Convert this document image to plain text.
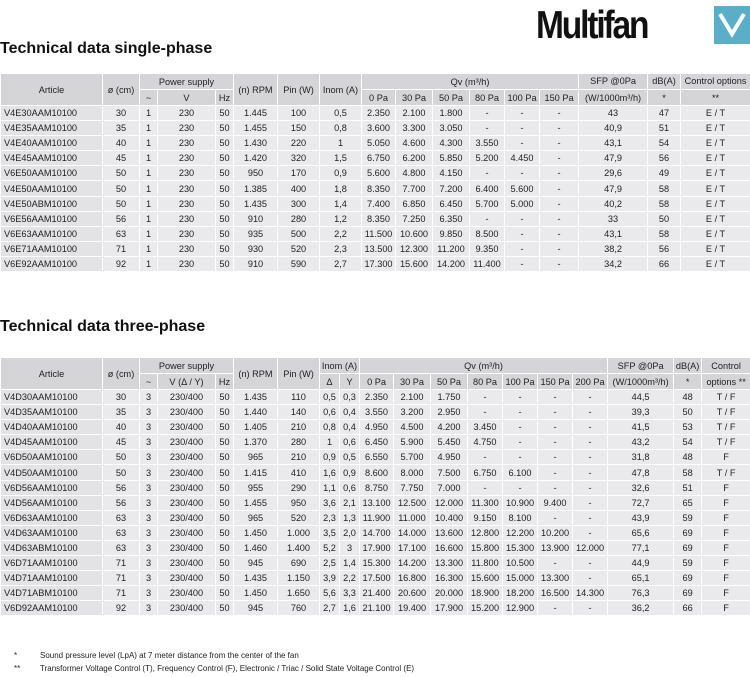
Multifan
Technical data single-phase
Article	ø (cm)	Power supply			(n) RPM	Pin (W)	Inom (A)	Qv (m³/h)						SFP @0Pa	dB(A)	Control options
		~	V	Hz				0 Pa	30 Pa	50 Pa	80 Pa	100 Pa	150 Pa	(W/1000m³/h)	*	**
V4E30AAM10100	30	1	230	50	1.445	100	0,5	2.350	2.100	1.800	-	-	-	43	47	E / T
V4E35AAM10100	35	1	230	50	1.455	150	0,8	3.600	3.300	3.050	-	-	-	40,9	51	E / T
V4E40AAM10100	40	1	230	50	1.430	220	1	5.050	4.600	4.300	3.550	-	-	43,1	54	E / T
V4E45AAM10100	45	1	230	50	1.420	320	1,5	6.750	6.200	5.850	5.200	4.450	-	47,9	56	E / T
V6E50AAM10100	50	1	230	50	950	170	0,9	5.600	4.800	4.150	-	-	-	29,6	49	E / T
V4E50AAM10100	50	1	230	50	1.385	400	1,8	8.350	7.700	7.200	6.400	5.600	-	47,9	58	E / T
V4E50ABM10100	50	1	230	50	1.435	300	1,4	7.400	6.850	6.450	5.700	5.000	-	40,2	58	E / T
V6E56AAM10100	56	1	230	50	910	280	1,2	8.350	7.250	6.350	-	-	-	33	50	E / T
V6E63AAM10100	63	1	230	50	935	500	2,2	11.500	10.600	9.850	8.500	-	-	43,1	58	E / T
V6E71AAM10100	71	1	230	50	930	520	2,3	13.500	12.300	11.200	9.350	-	-	38,2	56	E / T
V6E92AAM10100	92	1	230	50	910	590	2,7	17.300	15.600	14.200	11.400	-	-	34,2	66	E / T
Technical data three-phase
Article	ø (cm)	Power supply			(n) RPM	Pin (W)	Inom (A)		Qv (m³/h)							SFP @0Pa	dB(A)	Control
		~	V (Δ / Y)	Hz			Δ	Y	0 Pa	30 Pa	50 Pa	80 Pa	100 Pa	150 Pa	200 Pa	(W/1000m³/h)	*	options **
V4D30AAM10100	30	3	230/400	50	1.435	110	0,5	0,3	2.350	2.100	1.750	-	-	-	-	44,5	48	T / F
V4D35AAM10100	35	3	230/400	50	1.440	140	0,6	0,4	3.550	3.200	2.950	-	-	-	-	39,3	50	T / F
V4D40AAM10100	40	3	230/400	50	1.405	210	0,8	0,4	4.950	4.500	4.200	3.450	-	-	-	41,5	53	T / F
V4D45AAM10100	45	3	230/400	50	1.370	280	1	0,6	6.450	5.900	5.450	4.750	-	-	-	43,2	54	T / F
V6D50AAM10100	50	3	230/400	50	965	210	0,9	0,5	6.550	5.700	4.950	-	-	-	-	31,8	48	F
V4D50AAM10100	50	3	230/400	50	1.415	410	1,6	0,9	8.600	8.000	7.500	6.750	6.100	-	-	47,8	58	T / F
V6D56AAM10100	56	3	230/400	50	955	290	1,1	0,6	8.750	7.750	7.000	-	-	-	-	32,6	51	F
V4D56AAM10100	56	3	230/400	50	1.455	950	3,6	2,1	13.100	12.500	12.000	11.300	10.900	9.400	-	72,7	65	F
V6D63AAM10100	63	3	230/400	50	965	520	2,3	1,3	11.900	11.000	10.400	9.150	8.100	-	-	43,9	59	F
V4D63AAM10100	63	3	230/400	50	1.450	1.000	3,5	2,0	14.700	14.000	13.600	12.800	12.200	10.200	-	65,6	69	F
V4D63ABM10100	63	3	230/400	50	1.460	1.400	5,2	3	17.900	17.100	16.600	15.800	15.300	13.900	12.000	77,1	69	F
V6D71AAM10100	71	3	230/400	50	945	690	2,5	1,4	15.300	14.200	13.300	11.800	10.500	-	-	44,9	59	F
V4D71AAM10100	71	3	230/400	50	1.435	1.150	3,9	2,2	17.500	16.800	16.300	15.600	15.000	13.300	-	65,1	69	F
V4D71ABM10100	71	3	230/400	50	1.450	1.650	5,6	3,3	21.400	20.600	20.000	18.900	18.200	16.500	14.300	76,3	69	F
V6D92AAM10100	92	3	230/400	50	945	760	2,7	1,6	21.100	19.400	17.900	15.200	12.900	-	-	36,2	66	F
*	Sound pressure level (LpA) at 7 meter distance from the center of the fan
** Transformer Voltage Control (T), Frequency Control (F), Electronic / Triac / Solid State Voltage Control (E)
